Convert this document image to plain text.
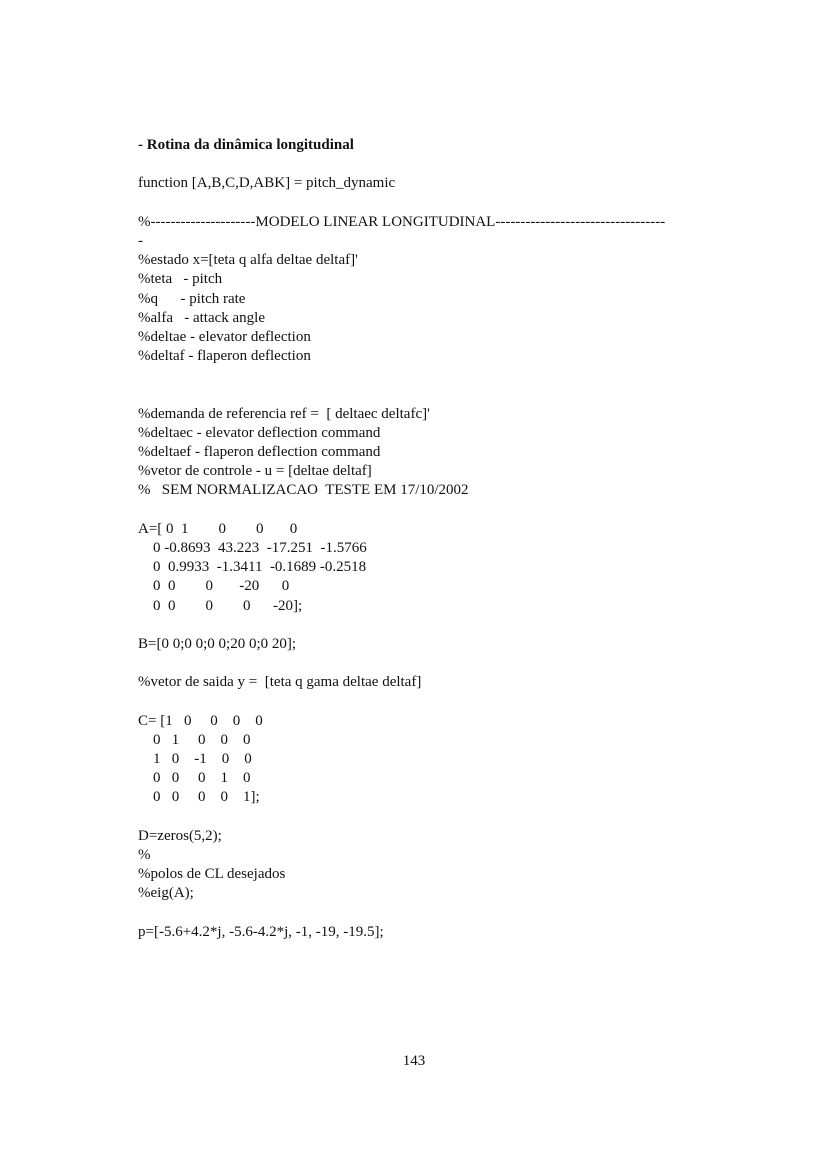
- Rotina da dinâmica longitudinal
function [A,B,C,D,ABK] = pitch_dynamic
%---------------------MODELO LINEAR LONGITUDINAL----------------------------------
-
%estado x=[teta q alfa deltae deltaf]'
%teta   - pitch
%q      - pitch rate
%alfa   - attack angle
%deltae - elevator deflection
%deltaf - flaperon deflection
%demanda de referencia ref =  [ deltaec deltafc]'
%deltaec - elevator deflection command
%deltaef - flaperon deflection command
%vetor de controle - u = [deltae deltaf]
%   SEM NORMALIZACAO  TESTE EM 17/10/2002
A=[ 0  1        0        0       0
0 -0.8693  43.223  -17.251  -1.5766
0  0.9933  -1.3411  -0.1689 -0.2518
0  0        0       -20      0
0  0        0        0      -20];
B=[0 0;0 0;0 0;20 0;0 20];
%vetor de saida y =  [teta q gama deltae deltaf]
C= [1   0     0    0    0
0   1     0    0    0
1   0    -1    0    0
0   0     0    1    0
0   0     0    0    1];
D=zeros(5,2);
%
%polos de CL desejados
%eig(A);
p=[-5.6+4.2*j, -5.6-4.2*j, -1, -19, -19.5];
143
